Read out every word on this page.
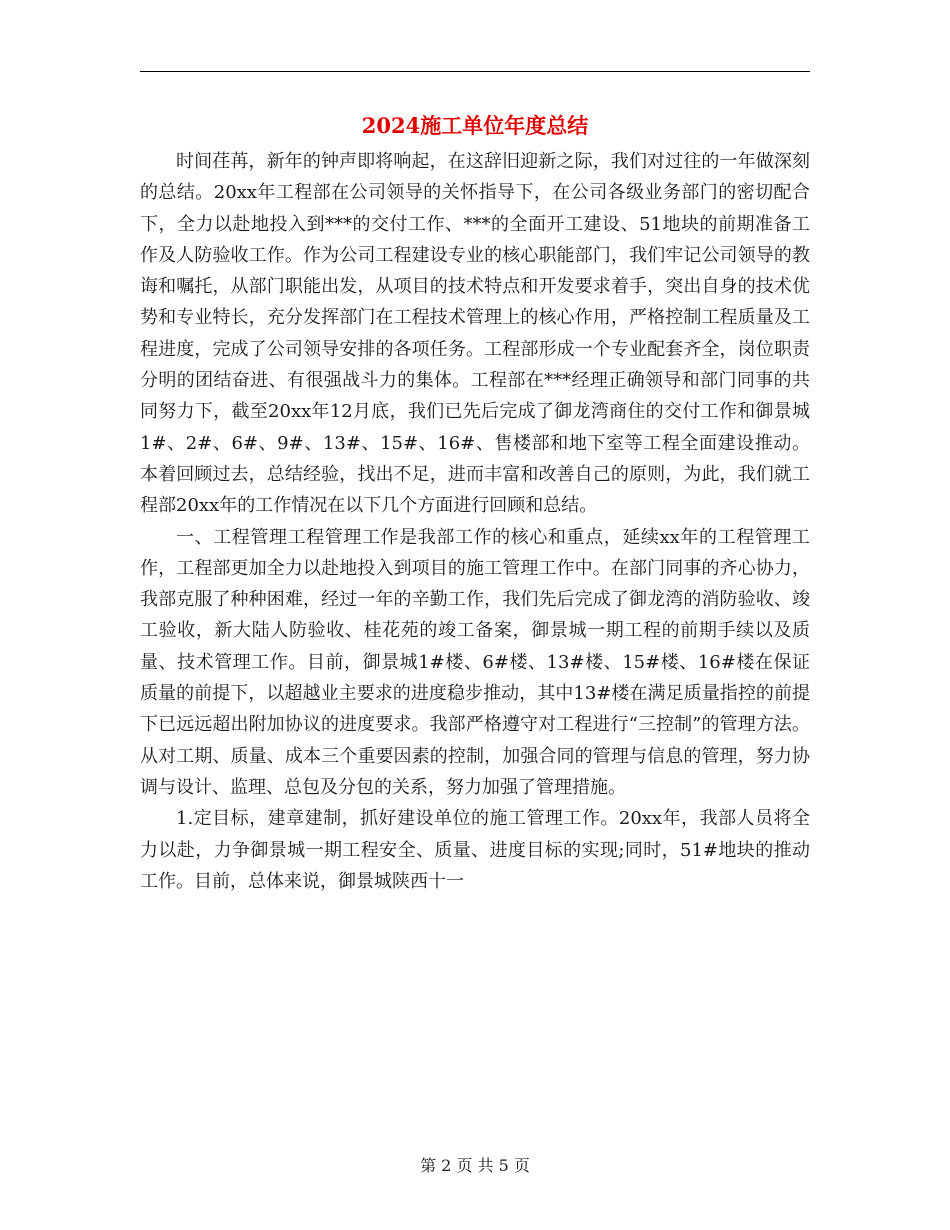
2024施工单位年度总结

时间荏苒，新年的钟声即将响起，在这辞旧迎新之际，我们对过往的一年做深刻的总结。20xx年工程部在公司领导的关怀指导下，在公司各级业务部门的密切配合下，全力以赴地投入到***的交付工作、***的全面开工建设、51地块的前期准备工作及人防验收工作。作为公司工程建设专业的核心职能部门，我们牢记公司领导的教诲和嘱托，从部门职能出发，从项目的技术特点和开发要求着手，突出自身的技术优势和专业特长，充分发挥部门在工程技术管理上的核心作用，严格控制工程质量及工程进度，完成了公司领导安排的各项任务。工程部形成一个专业配套齐全，岗位职责分明的团结奋进、有很强战斗力的集体。工程部在***经理正确领导和部门同事的共同努力下，截至20xx年12月底，我们已先后完成了御龙湾商住的交付工作和御景城1#、2#、6#、9#、13#、15#、16#、售楼部和地下室等工程全面建设推动。本着回顾过去，总结经验，找出不足，进而丰富和改善自己的原则，为此，我们就工程部20xx年的工作情况在以下几个方面进行回顾和总结。

一、工程管理工程管理工作是我部工作的核心和重点，延续xx年的工程管理工作，工程部更加全力以赴地投入到项目的施工管理工作中。在部门同事的齐心协力，我部克服了种种困难，经过一年的辛勤工作，我们先后完成了御龙湾的消防验收、竣工验收，新大陆人防验收、桂花苑的竣工备案，御景城一期工程的前期手续以及质量、技术管理工作。目前，御景城1#楼、6#楼、13#楼、15#楼、16#楼在保证质量的前提下，以超越业主要求的进度稳步推动，其中13#楼在满足质量指控的前提下已远远超出附加协议的进度要求。我部严格遵守对工程进行“三控制”的管理方法。从对工期、质量、成本三个重要因素的控制，加强合同的管理与信息的管理，努力协调与设计、监理、总包及分包的关系，努力加强了管理措施。

1.定目标，建章建制，抓好建设单位的施工管理工作。20xx年，我部人员将全力以赴，力争御景城一期工程安全、质量、进度目标的实现;同时，51#地块的推动工作。目前，总体来说，御景城陕西十一

第 2 页 共 5 页
